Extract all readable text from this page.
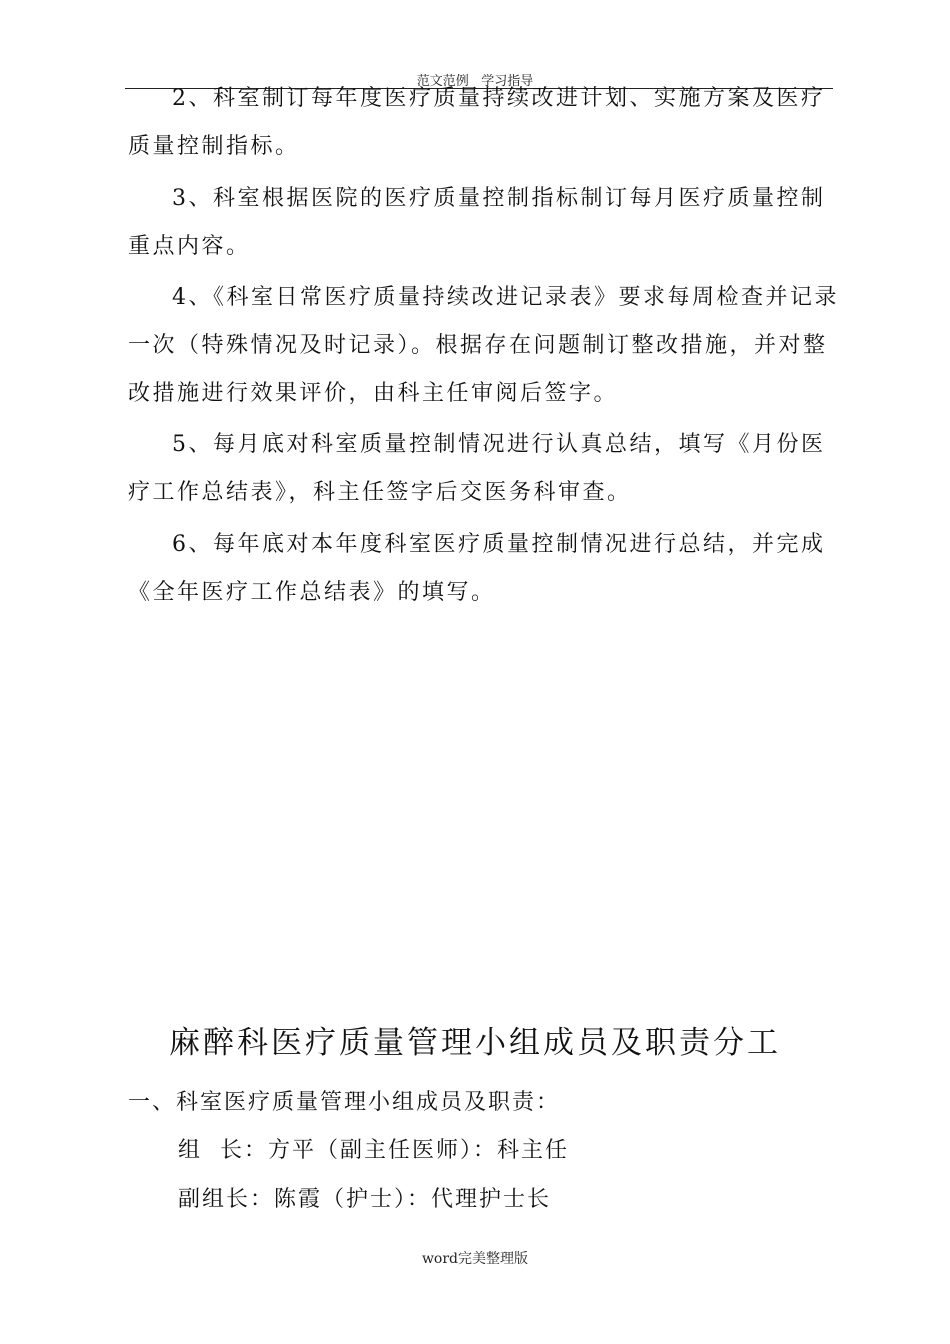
范文范例   学习指导

2、科室制订每年度医疗质量持续改进计划、实施方案及医疗质量控制指标。

3、科室根据医院的医疗质量控制指标制订每月医疗质量控制重点内容。

4、《科室日常医疗质量持续改进记录表》要求每周检查并记录一次（特殊情况及时记录）。根据存在问题制订整改措施，并对整改措施进行效果评价，由科主任审阅后签字。

5、每月底对科室质量控制情况进行认真总结，填写《月份医疗工作总结表》，科主任签字后交医务科审查。

6、每年底对本年度科室医疗质量控制情况进行总结，并完成《全年医疗工作总结表》的填写。

麻醉科医疗质量管理小组成员及职责分工

一、科室医疗质量管理小组成员及职责：

组  长：方平（副主任医师）：科主任

副组长：陈霞（护士）：代理护士长

word完美整理版
